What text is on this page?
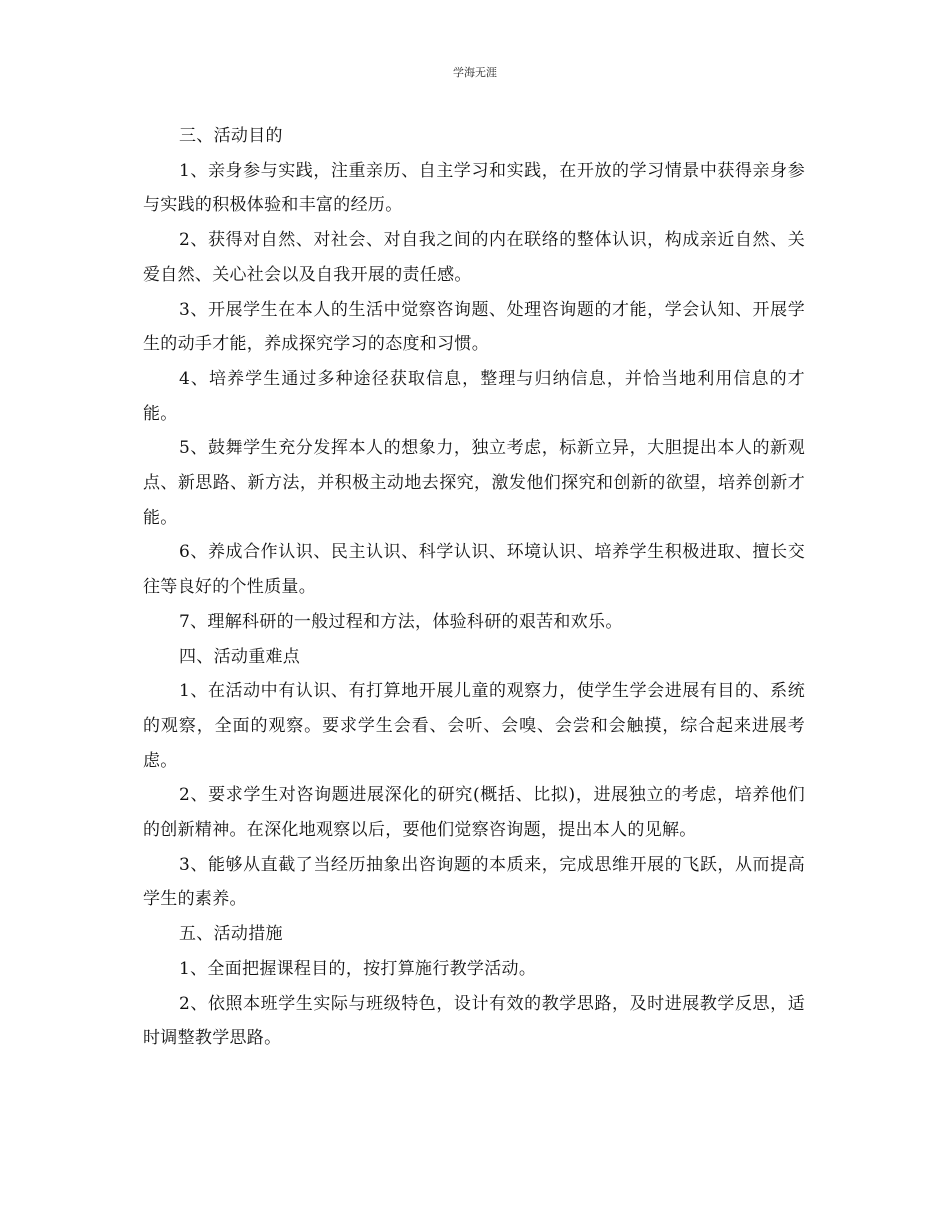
学海无涯

三、活动目的

1、亲身参与实践，注重亲历、自主学习和实践，在开放的学习情景中获得亲身参与实践的积极体验和丰富的经历。

2、获得对自然、对社会、对自我之间的内在联络的整体认识，构成亲近自然、关爱自然、关心社会以及自我开展的责任感。

3、开展学生在本人的生活中觉察咨询题、处理咨询题的才能，学会认知、开展学生的动手才能，养成探究学习的态度和习惯。

4、培养学生通过多种途径获取信息，整理与归纳信息，并恰当地利用信息的才能。

5、鼓舞学生充分发挥本人的想象力，独立考虑，标新立异，大胆提出本人的新观点、新思路、新方法，并积极主动地去探究，激发他们探究和创新的欲望，培养创新才能。

6、养成合作认识、民主认识、科学认识、环境认识、培养学生积极进取、擅长交往等良好的个性质量。

7、理解科研的一般过程和方法，体验科研的艰苦和欢乐。

四、活动重难点

1、在活动中有认识、有打算地开展儿童的观察力，使学生学会进展有目的、系统的观察，全面的观察。要求学生会看、会听、会嗅、会尝和会触摸，综合起来进展考虑。

2、要求学生对咨询题进展深化的研究(概括、比拟)，进展独立的考虑，培养他们的创新精神。在深化地观察以后，要他们觉察咨询题，提出本人的见解。

3、能够从直截了当经历抽象出咨询题的本质来，完成思维开展的飞跃，从而提高学生的素养。

五、活动措施

1、全面把握课程目的，按打算施行教学活动。

2、依照本班学生实际与班级特色，设计有效的教学思路，及时进展教学反思，适时调整教学思路。
